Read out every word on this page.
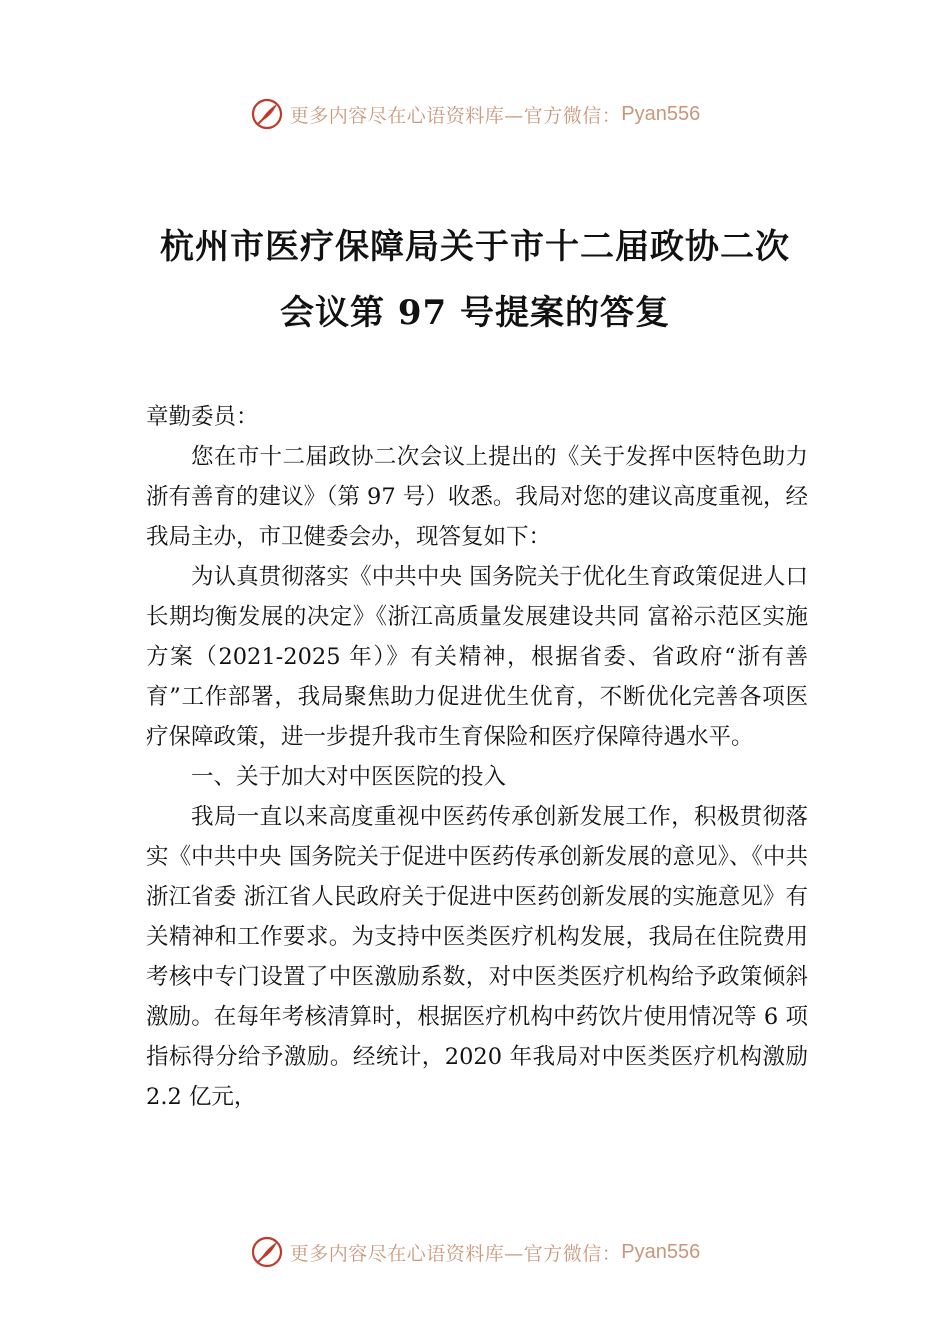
更多内容尽在心语资料库—官方微信： Pyan556
杭州市医疗保障局关于市十二届政协二次
会议第 97 号提案的答复

章勤委员：

您在市十二届政协二次会议上提出的《关于发挥中医特色助力浙有善育的建议》（第 97 号）收悉。我局对您的建议高度重视，经我局主办，市卫健委会办，现答复如下：

为认真贯彻落实《中共中央 国务院关于优化生育政策促进人口长期均衡发展的决定》《浙江高质量发展建设共同 富裕示范区实施方案（2021-2025 年）》有关精神，根据省委、省政府“浙有善育”工作部署，我局聚焦助力促进优生优育，不断优化完善各项医疗保障政策，进一步提升我市生育保险和医疗保障待遇水平。

一、关于加大对中医医院的投入

我局一直以来高度重视中医药传承创新发展工作，积极贯彻落实《中共中央 国务院关于促进中医药传承创新发展的意见》、《中共浙江省委 浙江省人民政府关于促进中医药创新发展的实施意见》有关精神和工作要求。为支持中医类医疗机构发展，我局在住院费用考核中专门设置了中医激励系数，对中医类医疗机构给予政策倾斜激励。在每年考核清算时，根据医疗机构中药饮片使用情况等 6 项指标得分给予激励。经统计，2020 年我局对中医类医疗机构激励 2.2 亿元，

更多内容尽在心语资料库—官方微信： Pyan556
